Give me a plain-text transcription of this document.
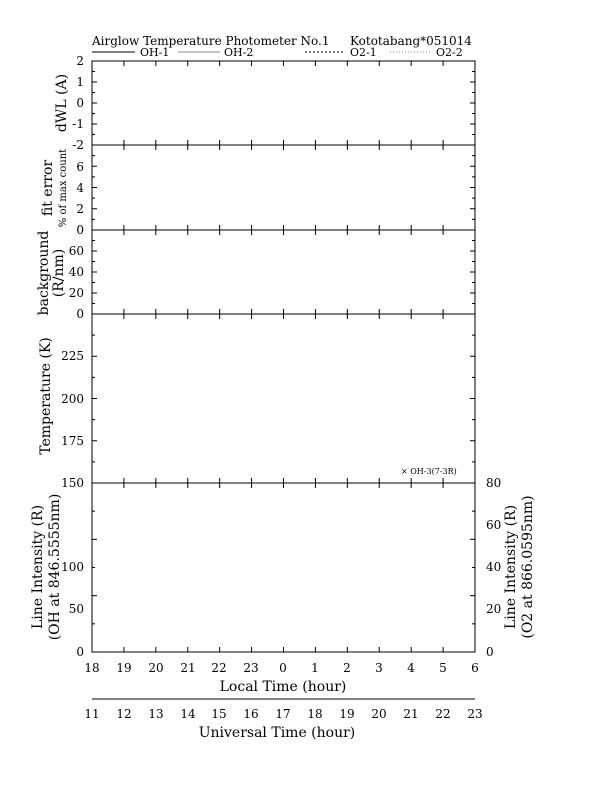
Airglow Temperature Photometer No.1 Kototabang*051014
OH-1	OH-2	O2-1	O2-2
2
1
0
-1
-2
dWL (A)
6
4
2
0
fit error % of max count
60
40
20
0
background (R/nm)
225
200
175
Temperature (K)
× OH-3(7-3R)
150
100
50
0
80
60
40
20
0
Line Intensity (R) (OH at 846.5555nm)	Line Intensity (R) (O2 at 866.0595nm)
18 19 20 21 22 23 0 1 2 3 4 5 6
Local Time (hour)
11 12 13 14 15 16 17 18 19 20 21 22 23
Universal Time (hour)
